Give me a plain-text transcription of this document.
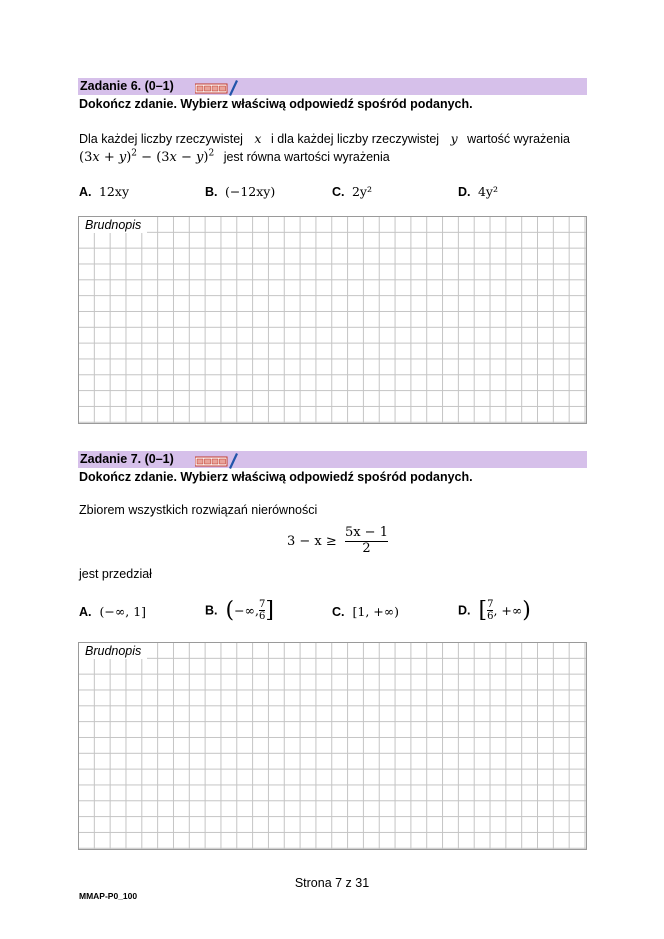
Zadanie 6. (0–1)
Dokończ zdanie. Wybierz właściwą odpowiedź spośród podanych.
Dla każdej liczby rzeczywistej x i dla każdej liczby rzeczywistej y wartość wyrażenia
$(3x + y)^2 - (3x - y)^2$ jest równa wartości wyrażenia
A. 12xy	B. (−12xy)	C. 2y²	D. 4y²
Brudnopis
Zadanie 7. (0–1)
Dokończ zdanie. Wybierz właściwą odpowiedź spośród podanych.
Zbiorem wszystkich rozwiązań nierówności
$3 - x \ge \frac{5x - 1}{2}$
jest przedział
A. (−∞, 1]	B. (−∞, $\frac{7}{6}$ ]	C. [1, +∞)	D. [ $\frac{7}{6}$ , +∞)
Brudnopis
Strona 7 z 31
MMAP-P0_100
